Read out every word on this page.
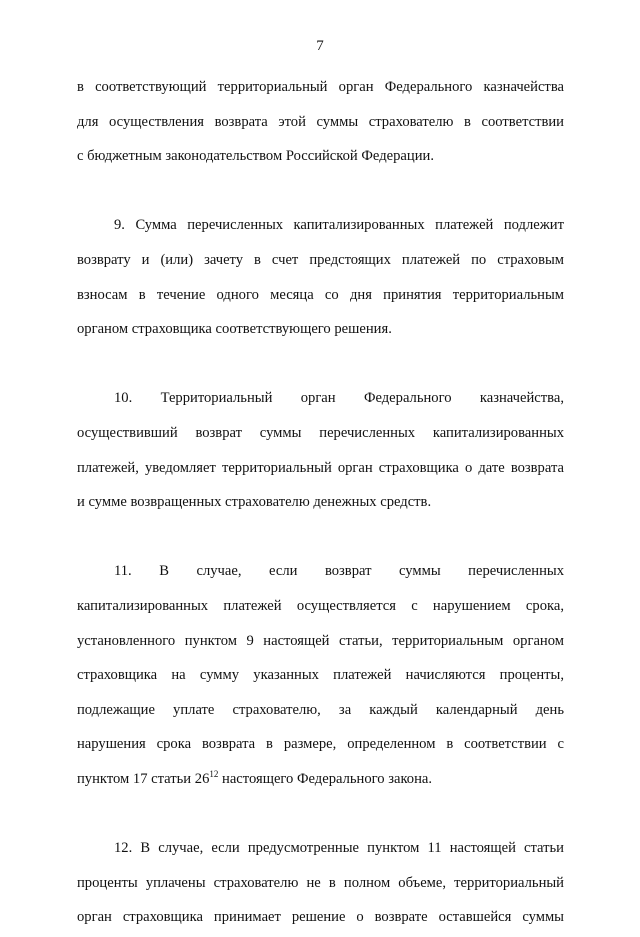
7
в соответствующий территориальный орган Федерального казначейства
для осуществления возврата этой суммы страхователю в соответствии
с бюджетным законодательством Российской Федерации.
9. Сумма перечисленных капитализированных платежей подлежит
возврату и (или) зачету в счет предстоящих платежей по страховым
взносам в течение одного месяца со дня принятия территориальным
органом страховщика соответствующего решения.
10. Территориальный орган Федерального казначейства,
осуществивший возврат суммы перечисленных капитализированных
платежей, уведомляет территориальный орган страховщика о дате возврата
и сумме возвращенных страхователю денежных средств.
11. В случае, если возврат суммы перечисленных
капитализированных платежей осуществляется с нарушением срока,
установленного пунктом 9 настоящей статьи, территориальным органом
страховщика на сумму указанных платежей начисляются проценты,
подлежащие уплате страхователю, за каждый календарный день
нарушения срока возврата в размере, определенном в соответствии с
пунктом 17 статьи $26^{12}$ настоящего Федерального закона.
12. В случае, если предусмотренные пунктом 11 настоящей статьи
проценты уплачены страхователю не в полном объеме, территориальный
орган страховщика принимает решение о возврате оставшейся суммы
